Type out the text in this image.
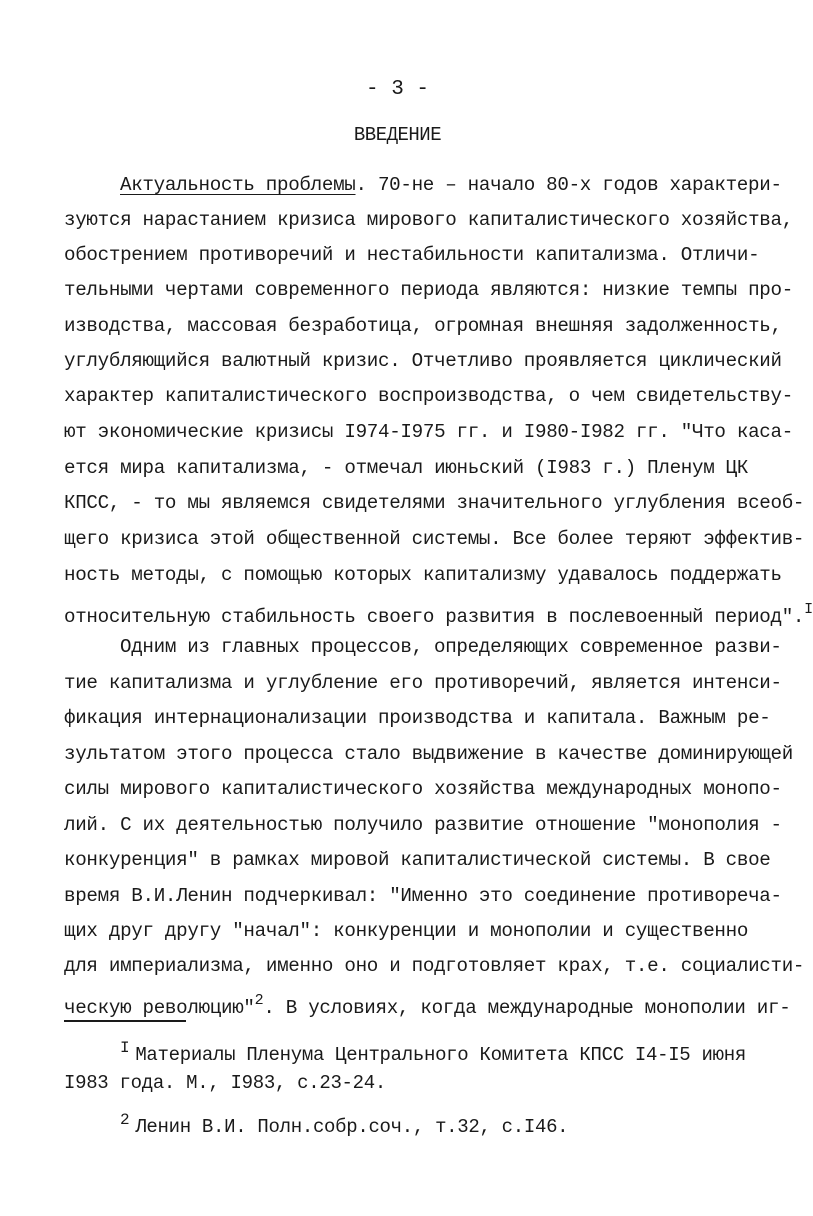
- 3 -
ВВЕДЕНИЕ
Актуальность проблемы. 70-не – начало 80-х годов характери-
зуются нарастанием кризиса мирового капиталистического хозяйства,
обострением противоречий и нестабильности капитализма. Отличи-
тельными чертами современного периода являются: низкие темпы про-
изводства, массовая безработица, огромная внешняя задолженность,
углубляющийся валютный кризис. Отчетливо проявляется циклический
характер капиталистического воспроизводства, о чем свидетельству-
ют экономические кризисы I974-I975 гг. и I980-I982 гг. "Что каса-
ется мира капитализма, - отмечал июньский (I983 г.) Пленум ЦК
КПСС, - то мы являемся свидетелями значительного углубления всеоб-
щего кризиса этой общественной системы. Все более теряют эффектив-
ность методы, с помощью которых капитализму удавалось поддержать
относительную стабильность своего развития в послевоенный период".$^I$
Одним из главных процессов, определяющих современное разви-
тие капитализма и углубление его противоречий, является интенси-
фикация интернационализации производства и капитала. Важным ре-
зультатом этого процесса стало выдвижение в качестве доминирующей
силы мирового капиталистического хозяйства международных монопо-
лий. С их деятельностью получило развитие отношение "монополия -
конкуренция" в рамках мировой капиталистической системы. В свое
время В.И.Ленин подчеркивал: "Именно это соединение противореча-
щих друг другу "начал": конкуренции и монополии и существенно
для империализма, именно оно и подготовляет крах, т.е. социалисти-
ческую революцию"$^2$. В условиях, когда международные монополии иг-
$^I$ Материалы Пленума Центрального Комитета КПСС I4-I5 июня
I983 года. М., I983, с.23-24.
$^2$ Ленин В.И. Полн.собр.соч., т.32, с.I46.
